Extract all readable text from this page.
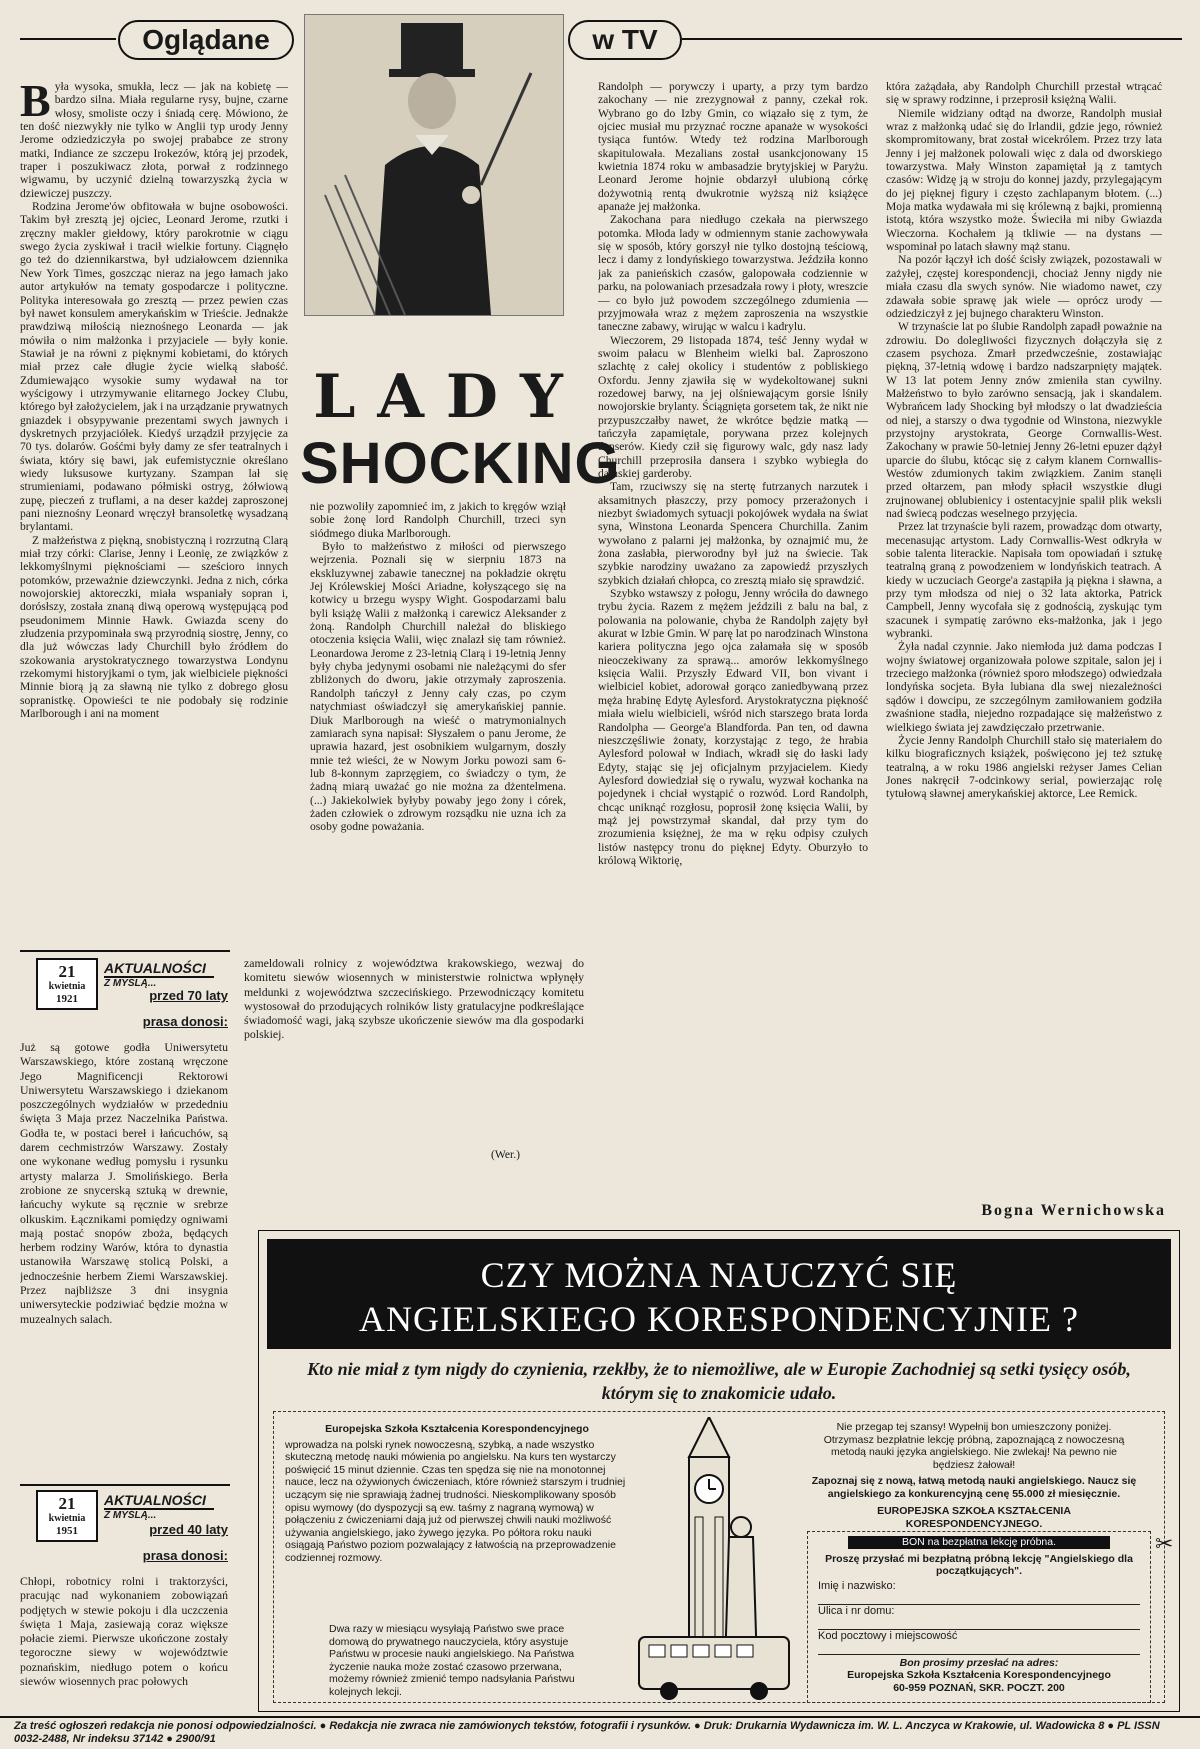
Oglądane	w TV
B yła wysoka, smukła, lecz — jak na kobietę — bardzo silna. Miała regularne rysy, bujne, czarne włosy, smoliste oczy i śniadą cerę. Mówiono, że ten dość niezwykły nie tylko w Anglii typ urody Jenny Jerome odziedziczyła po swojej prababce ze strony matki, Indiance ze szczepu Irokezów, którą jej przodek, traper i poszukiwacz złota, porwał z rodzinnego wigwamu, by uczynić dzielną towarzyszką życia w dziewiczej puszczy.

Rodzina Jerome'ów obfitowała w bujne osobowości. Takim był zresztą jej ojciec, Leonard Jerome, rzutki i zręczny makler giełdowy, który parokrotnie w ciągu swego życia zyskiwał i tracił wielkie fortuny. Ciągnęło go też do dziennikarstwa, był udziałowcem dziennika New York Times, goszcząc nieraz na jego łamach jako autor artykułów na tematy gospodarcze i polityczne. Polityka interesowała go zresztą — przez pewien czas był nawet konsulem amerykańskim w Trieście. Jednakże prawdziwą miłością nieznośnego Leonarda — jak mówiła o nim małżonka i przyjaciele — były konie. Stawiał je na równi z pięknymi kobietami, do których miał przez całe długie życie wielką słabość. Zdumiewająco wysokie sumy wydawał na tor wyścigowy i utrzymywanie elitarnego Jockey Clubu, którego był założycielem, jak i na urządzanie prywatnych gniazdek i obsypywanie prezentami swych jawnych i dyskretnych przyjaciółek. Kiedyś urządził przyjęcie za 70 tys. dolarów. Gośćmi były damy ze sfer teatralnych i świata, który się bawi, jak eufemistycznie określano wiedy luksusowe kurtyzany. Szampan lał się strumieniami, podawano półmiski ostryg, żółwiową zupę, pieczeń z truflami, a na deser każdej zaproszonej pani nieznośny Leonard wręczył bransoletkę wysadzaną brylantami.

Z małżeństwa z piękną, snobistyczną i rozrzutną Clarą miał trzy córki: Clarise, Jenny i Leonię, ze związków z lekkomyślnymi pięknościami — sześcioro innych potomków, przeważnie dziewczynki. Jedna z nich, córka nowojorskiej aktoreczki, miała wspaniały sopran i, dorósłszy, została znaną diwą operową występującą pod pseudonimem Minnie Hawk. Gwiazda sceny do złudzenia przypominała swą przyrodnią siostrę, Jenny, co dla już wówczas lady Churchill było źródłem do szokowania arystokratycznego towarzystwa Londynu rzekomymi historyjkami o tym, jak wielbiciele piękności Minnie biorą ją za sławną nie tylko z dobrego głosu sopranistkę. Opowieści te nie podobały się rodzinie Marlborough i ani na moment

LADY
SHOCKING

nie pozwoliły zapomnieć im, z jakich to kręgów wziął sobie żonę lord Randolph Churchill, trzeci syn siódmego diuka Marlborough.

Było to małżeństwo z miłości od pierwszego wejrzenia. Poznali się w sierpniu 1873 na ekskluzywnej zabawie tanecznej na pokładzie okrętu Jej Królewskiej Mości Ariadne, kołyszącego się na kotwicy u brzegu wyspy Wight. Gospodarzami balu byli książę Walii z małżonką i carewicz Aleksander z żoną. Randolph Churchill należał do bliskiego otoczenia księcia Walii, więc znalazł się tam również. Leonardowa Jerome z 23-letnią Clarą i 19-letnią Jenny były chyba jedynymi osobami nie należącymi do sfer zbliżonych do dworu, jakie otrzymały zaproszenia. Randolph tańczył z Jenny cały czas, po czym natychmiast oświadczył się amerykańskiej pannie. Diuk Marlborough na wieść o matrymonialnych zamiarach syna napisał: Słyszałem o panu Jerome, że uprawia hazard, jest osobnikiem wulgarnym, doszły mnie też wieści, że w Nowym Jorku powozi sam 6- lub 8-konnym zaprzęgiem, co świadczy o tym, że żadną miarą uważać go nie można za dżentelmena. (...) Jakiekolwiek byłyby powaby jego żony i córek, żaden człowiek o zdrowym rozsądku nie uzna ich za osoby godne poważania.

Randolph — porywczy i uparty, a przy tym bardzo zakochany — nie zrezygnował z panny, czekał rok. Wybrano go do Izby Gmin, co wiązało się z tym, że ojciec musiał mu przyznać roczne apanaże w wysokości tysiąca funtów. Wtedy też rodzina Marlborough skapitulowała. Mezalians został usankcjonowany 15 kwietnia 1874 roku w ambasadzie brytyjskiej w Paryżu. Leonard Jerome hojnie obdarzył ulubioną córkę dożywotnią rentą dwukrotnie wyższą niż książęce apanaże jej małżonka.

Zakochana para niedługo czekała na pierwszego potomka. Młoda lady w odmiennym stanie zachowywała się w sposób, który gorszył nie tylko dostojną teściową, lecz i damy z londyńskiego towarzystwa. Jeździła konno jak za panieńskich czasów, galopowała codziennie w parku, na polowaniach przesadzała rowy i płoty, wreszcie — co było już powodem szczególnego zdumienia — przyjmowała wraz z mężem zaproszenia na wszystkie taneczne zabawy, wirując w walcu i kadrylu.

Wieczorem, 29 listopada 1874, teść Jenny wydał w swoim pałacu w Blenheim wielki bal. Zaproszono szlachtę z całej okolicy i studentów z pobliskiego Oxfordu. Jenny zjawiła się w wydekoltowanej sukni rozedowej barwy, na jej olśniewającym gorsie lśniły nowojorskie brylanty. Ściągnięta gorsetem tak, że nikt nie przypuszczałby nawet, że wkrótce będzie matką — tańczyła zapamiętale, porywana przez kolejnych danserów. Kiedy cził się figurowy walc, gdy nasz lady Churchill przeprosiła dansera i szybko wybiegła do damskiej garderoby.

Tam, rzuciwszy się na stertę futrzanych narzutek i aksamitnych płaszczy, przy pomocy przerażonych i niezbyt świadomych sytuacji pokojówek wydała na świat syna, Winstona Leonarda Spencera Churchilla. Zanim wywołano z palarni jej małżonka, by oznajmić mu, że żona zasłabła, pierworodny był już na świecie. Tak szybkie narodziny uważano za zapowiedź przyszłych szybkich działań chłopca, co zresztą miało się sprawdzić.

Szybko wstawszy z połogu, Jenny wróciła do dawnego trybu życia. Razem z mężem jeździli z balu na bal, z polowania na polowanie, chyba że Randolph zajęty był akurat w Izbie Gmin. W parę lat po narodzinach Winstona kariera polityczna jego ojca załamała się w sposób nieoczekiwany za sprawą... amorów lekkomyślnego księcia Walii. Przyszły Edward VII, bon vivant i wielbiciel kobiet, adorował gorąco zaniedbywaną przez męża hrabinę Edytę Aylesford. Arystokratyczna piękność miała wielu wielbicieli, wśród nich starszego brata lorda Randolpha — George'a Blandforda. Pan ten, od dawna nieszczęśliwie żonaty, korzystając z tego, że hrabia Aylesford polował w Indiach, wkradł się do łaski lady Edyty, stając się jej oficjalnym przyjacielem. Kiedy Aylesford dowiedział się o rywalu, wyzwał kochanka na pojedynek i chciał wystąpić o rozwód. Lord Randolph, chcąc uniknąć rozgłosu, poprosił żonę księcia Walii, by mąż jej powstrzymał skandal, dał przy tym do zrozumienia księżnej, że ma w ręku odpisy czułych listów następcy tronu do pięknej Edyty. Oburzyło to królową Wiktorię,

która zażądała, aby Randolph Churchill przestał wtrącać się w sprawy rodzinne, i przeprosił księżną Walii.

Niemile widziany odtąd na dworze, Randolph musiał wraz z małżonką udać się do Irlandii, gdzie jego, również skompromitowany, brat został wicekrólem. Przez trzy lata Jenny i jej małżonek polowali więc z dala od dworskiego towarzystwa. Mały Winston zapamiętał ją z tamtych czasów: Widzę ją w stroju do konnej jazdy, przylegającym do jej pięknej figury i często zachlapanym błotem. (...) Moja matka wydawała mi się królewną z bajki, promienną istotą, która wszystko może. Świeciła mi niby Gwiazda Wieczorna. Kochałem ją tkliwie — na dystans — wspominał po latach sławny mąż stanu.

Na pozór łączył ich dość ścisły związek, pozostawali w zażyłej, częstej korespondencji, chociaż Jenny nigdy nie miała czasu dla swych synów. Nie wiadomo nawet, czy zdawała sobie sprawę jak wiele — oprócz urody — odziedziczył z jej bujnego charakteru Winston.

W trzynaście lat po ślubie Randolph zapadł poważnie na zdrowiu. Do dolegliwości fizycznych dołączyła się z czasem psychoza. Zmarł przedwcześnie, zostawiając piękną, 37-letnią wdowę i bardzo nadszarpnięty majątek. W 13 lat potem Jenny znów zmieniła stan cywilny. Małżeństwo to było zarówno sensacją, jak i skandalem. Wybrańcem lady Shocking był młodszy o lat dwadzieścia od niej, a starszy o dwa tygodnie od Winstona, niezwykle przystojny arystokrata, George Cornwallis-West. Zakochany w prawie 50-letniej Jenny 26-letni epuzer dążył uparcie do ślubu, któcąc się z całym klanem Cornwallis-Westów zdumionych takim związkiem. Zanim stanęli przed ołtarzem, pan młody spłacił wszystkie długi zrujnowanej oblubienicy i ostentacyjnie spalił plik weksli nad świecą podczas weselnego przyjęcia.

Przez lat trzynaście byli razem, prowadząc dom otwarty, mecenasując artystom. Lady Cornwallis-West odkryła w sobie talenta literackie. Napisała tom opowiadań i sztukę teatralną graną z powodzeniem w londyńskich teatrach. A kiedy w uczuciach George'a zastąpiła ją piękna i sławna, a przy tym młodsza od niej o 32 lata aktorka, Patrick Campbell, Jenny wycofała się z godnością, zyskując tym szacunek i sympatię zarówno eks-małżonka, jak i jego wybranki.

Żyła nadal czynnie. Jako niemłoda już dama podczas I wojny światowej organizowała polowe szpitale, salon jej i trzeciego małżonka (również sporo młodszego) odwiedzała londyńska socjeta. Była lubiana dla swej niezależności sądów i dowcipu, ze szczególnym zamiłowaniem godziła zwaśnione stadła, niejedno rozpadające się małżeństwo z wielkiego świata jej zawdzięczało przetrwanie.

Życie Jenny Randolph Churchill stało się materiałem do kilku biograficznych książek, poświęcono jej też sztukę teatralną, a w roku 1986 angielski reżyser James Celian Jones nakręcił 7-odcinkowy serial, powierzając rolę tytułową sławnej amerykańskiej aktorce, Lee Remick.

Bogna Wernichowska
21
kwietnia
1921
AKTUALNOŚCI
Z MYŚLĄ...
przed 70 laty
prasa donosi:
Już są gotowe godła Uniwersytetu Warszawskiego, które zostaną wręczone Jego Magnificencji Rektorowi Uniwersytetu Warszawskiego i dziekanom poszczególnych wydziałów w przededniu święta 3 Maja przez Naczelnika Państwa. Godła te, w postaci bereł i łańcuchów, są darem cechmistrzów Warszawy. Zostały one wykonane według pomysłu i rysunku artysty malarza J. Smolińskiego. Berła zrobione ze snycerską sztuką w drewnie, łańcuchy wykute są ręcznie w srebrze olkuskim. Łącznikami pomiędzy ogniwami mają postać snopów zboża, będących herbem rodziny Warów, która to dynastia ustanowiła Warszawę stolicą Polski, a jednocześnie herbem Ziemi Warszawskiej. Przez najbliższe 3 dni insygnia uniwersyteckie podziwiać będzie można w muzealnych salach.
zameldowali rolnicy z województwa krakowskiego, wezwaj do komitetu siewów wiosennych w ministerstwie rolnictwa wpłynęły meldunki z województwa szczecińskiego. Przewodniczący komitetu wystosował do przodujących rolników listy gratulacyjne podkreślające świadomość wagi, jaką szybsze ukończenie siewów ma dla gospodarki polskiej.
(Wer.)
21
kwietnia
1951
AKTUALNOŚCI
Z MYŚLĄ...
przed 40 laty
prasa donosi:
Chłopi, robotnicy rolni i traktorzyści, pracując nad wykonaniem zobowiązań podjętych w stewie pokoju i dla uczczenia święta 1 Maja, zasiewają coraz większe połacie ziemi. Pierwsze ukończone zostały tegoroczne siewy w województwie poznańskim, niedługo potem o końcu siewów wiosennych prac połowych
CZY MOŻNA NAUCZYĆ SIĘ
ANGIELSKIEGO KORESPONDENCYJNIE ?
Kto nie miał z tym nigdy do czynienia, rzekłby, że to niemożliwe, ale w Europie Zachodniej są setki tysięcy osób, którym się to znakomicie udało.
Europejska Szkoła Kształcenia Korespondencyjnego
wprowadza na polski rynek nowoczesną, szybką, a nade wszystko skuteczną metodę nauki mówienia po angielsku. Na kurs ten wystarczy poświęcić 15 minut dziennie. Czas ten spędza się nie na monotonnej nauce, lecz na ożywionych ćwiczeniach, które również starszym i trudniej uczącym się nie sprawiają żadnej trudności. Nieskomplikowany sposób opisu wymowy (do dyspozycji są ew. taśmy z nagraną wymową) w połączeniu z ćwiczeniami dają już od pierwszej chwili nauki możliwość używania angielskiego, jako żywego języka. Po półtora roku nauki osiągają Państwo poziom pozwalający z łatwością na przeprowadzenie codziennej rozmowy.
Dwa razy w miesiącu wysyłają Państwo swe prace domową do prywatnego nauczyciela, który asystuje Państwu w procesie nauki angielskiego. Na Państwa życzenie nauka może zostać czasowo przerwana, możemy również zmienić tempo nadsyłania Państwu kolejnych lekcji.
Nie przegap tej szansy! Wypełnij bon umieszczony poniżej. Otrzymasz bezpłatnie lekcję próbną, zapoznającą z nowoczesną metodą nauki języka angielskiego. Nie zwlekaj! Na pewno nie będziesz żałował!
Zapoznaj się z nową, łatwą metodą nauki angielskiego. Naucz się angielskiego za konkurencyjną cenę 55.000 zł miesięcznie.
EUROPEJSKA SZKOŁA KSZTAŁCENIA
KORESPONDENCYJNEGO.
BON na bezpłatna lekcję próbna.
Proszę przysłać mi bezpłatną próbną lekcję "Angielskiego dla początkujących".
Imię i nazwisko:
Ulica i nr domu:
Kod pocztowy i miejscowość
Bon prosimy przesłać na adres:
Europejska Szkoła Kształcenia Korespondencyjnego
60-959 POZNAŃ, SKR. POCZT. 200
✂
Za treść ogłoszeń redakcja nie ponosi odpowiedzialności. ● Redakcja nie zwraca nie zamówionych tekstów, fotografii i rysunków. ● Druk: Drukarnia Wydawnicza im. W. L. Anczyca w Krakowie, ul. Wadowicka 8 ● PL ISSN 0032-2488, Nr indeksu 37142 ● 2900/91
